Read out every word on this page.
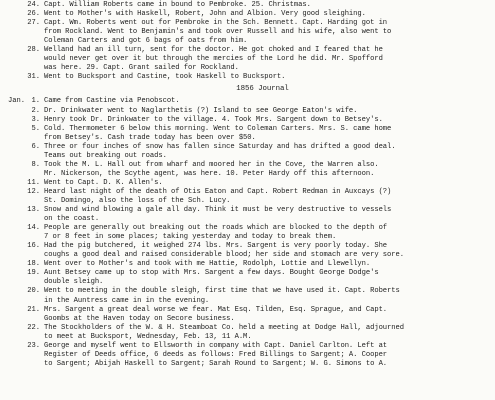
24. Capt. William Roberts came in bound to Pembroke. 25. Christmas.
26. Went to Mother's with Haskell, Robert, John and Albion. Very good sleighing.
27. Capt. Wm. Roberts went out for Pembroke in the Sch. Bennett. Capt. Harding got in
from Rockland. Went to Benjamin's and took over Russell and his wife, also went to
Coleman Carters and got 6 bags of oats from him.
28. Welland had an ill turn, sent for the doctor. He got choked and I feared that he
would never get over it but through the mercies of the Lord he did. Mr. Spofford
was here. 29. Capt. Grant sailed for Rockland.
31. Went to Bucksport and Castine, took Haskell to Bucksport.
1856 Journal
Jan. 1. Came from Castine via Penobscot.
2. Dr. Drinkwater went to Naglarthetis (?) Island to see George Eaton's wife.
3. Henry took Dr. Drinkwater to the village. 4. Took Mrs. Sargent down to Betsey's.
5. Cold. Thermometer 6 below this morning. Went to Coleman Carters. Mrs. S. came home
from Betsey's. Cash trade today has been over $50.
6. Three or four inches of snow has fallen since Saturday and has drifted a good deal.
Teams out breaking out roads.
8. Took the M. L. Hall out from wharf and moored her in the Cove, the Warren also.
Mr. Nickerson, the Scythe agent, was here. 10. Peter Hardy off this afternoon.
11. Went to Capt. D. K. Allen's.
12. Heard last night of the death of Otis Eaton and Capt. Robert Redman in Auxcays (?)
St. Domingo, also the loss of the Sch. Lucy.
13. Snow and wind blowing a gale all day. Think it must be very destructive to vessels
on the coast.
14. People are generally out breaking out the roads which are blocked to the depth of
7 or 8 feet in some places; taking yesterday and today to break them.
16. Had the pig butchered, it weighed 274 lbs. Mrs. Sargent is very poorly today. She
coughs a good deal and raised considerable blood; her side and stomach are very sore.
18. Went over to Mother's and took with me Hattie, Rodolph, Lottie and Llewellyn.
19. Aunt Betsey came up to stop with Mrs. Sargent a few days. Bought George Dodge's
double sleigh.
20. Went to meeting in the double sleigh, first time that we have used it. Capt. Roberts
in the Auntress came in in the evening.
21. Mrs. Sargent a great deal worse we fear. Mat Esq. Tilden, Esq. Sprague, and Capt.
Goombs at the Haven today on Secore business.
22. The Stockholders of the W. & H. Steamboat Co. held a meeting at Dodge Hall, adjourned
to meet at Bucksport, Wednesday, Feb. 13, 11 A.M.
23. George and myself went to Ellsworth in company with Capt. Daniel Carlton. Left at
Register of Deeds office, 6 deeds as follows: Fred Billings to Sargent; A. Cooper
to Sargent; Abijah Haskell to Sargent; Sarah Round to Sargent; W. G. Simons to A.
